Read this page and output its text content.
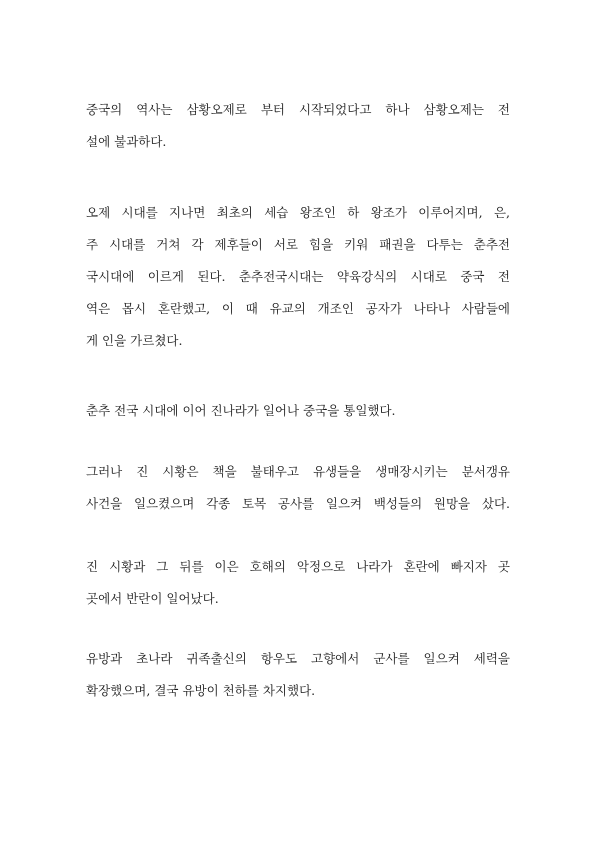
중국의 역사는 삼황오제로 부터 시작되었다고 하나 삼황오제는 전
설에 불과하다.
오제 시대를 지나면 최초의 세습 왕조인 하 왕조가 이루어지며, 은,
주 시대를 거쳐 각 제후들이 서로 힘을 키워 패권을 다투는 춘추전
국시대에 이르게 된다. 춘추전국시대는 약육강식의 시대로 중국 전
역은 몹시 혼란했고, 이 때 유교의 개조인 공자가 나타나 사람들에
게 인을 가르쳤다.
춘추 전국 시대에 이어 진나라가 일어나 중국을 통일했다.
그러나 진 시황은 책을 불태우고 유생들을 생매장시키는 분서갱유
사건을 일으켰으며 각종 토목 공사를 일으켜 백성들의 원망을 샀다.
진 시황과 그 뒤를 이은 호해의 악정으로 나라가 혼란에 빠지자 곳
곳에서 반란이 일어났다.
유방과 초나라 귀족출신의 항우도 고향에서 군사를 일으켜 세력을
확장했으며, 결국 유방이 천하를 차지했다.
